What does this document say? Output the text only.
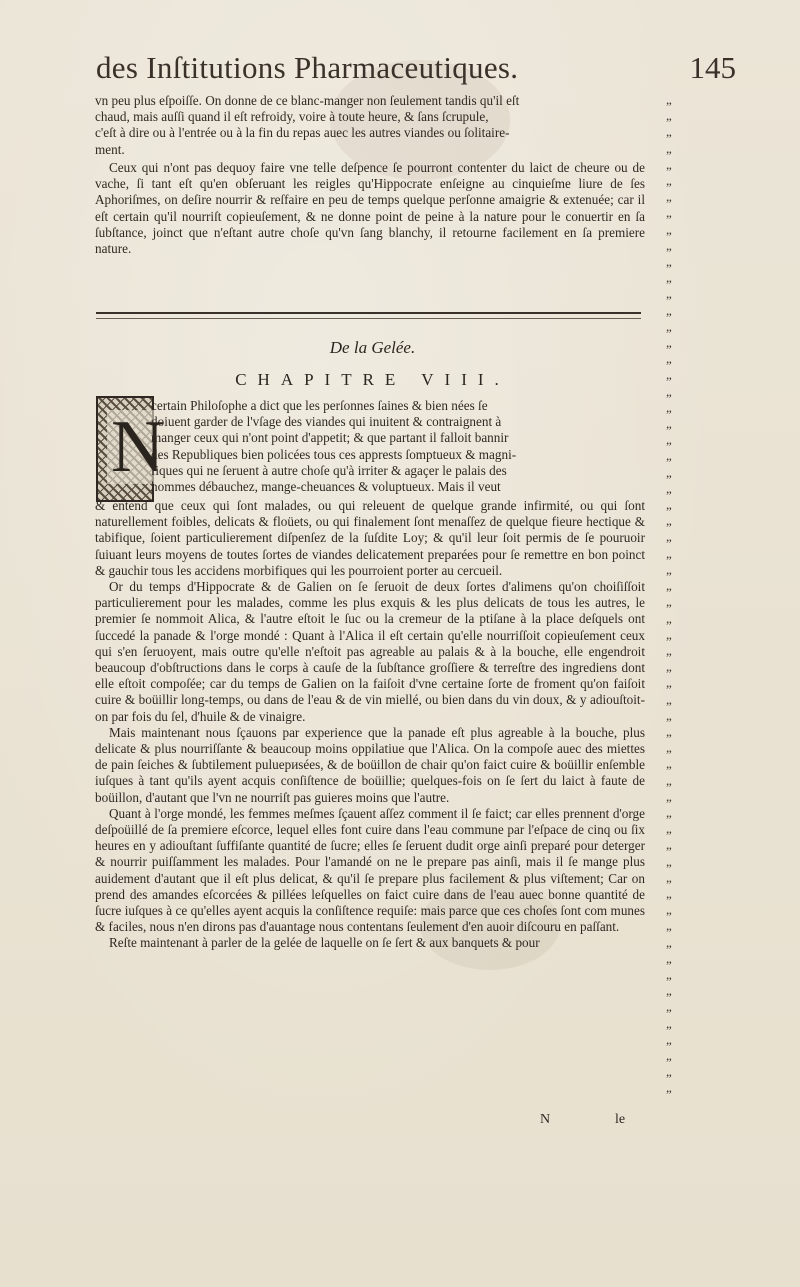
des Inſtitutions Pharmaceutiques.	145
vn peu plus eſpoiſſe. On donne de ce blanc-manger non ſeulement tandis qu'il eſt
chaud, mais auſſi quand il eſt refroidy, voire à toute heure, & ſans ſcrupule,
c'eſt à dire ou à l'entrée ou à la fin du repas auec les autres viandes ou ſolitaire-
ment.

Ceux qui n'ont pas dequoy faire vne telle deſpence ſe pourront contenter du laict de cheure ou de vache, ſi tant eſt qu'en obſeruant les reigles qu'Hippocrate enſeigne au cinquieſme liure de ſes Aphoriſmes, on deſire nourrir & reſfaire en peu de temps quelque perſonne amaigrie & extenuée; car il eſt certain qu'il nourriſt copieuſement, & ne donne point de peine à la nature pour le conuertir en ſa ſubſtance, joinct que n'eſtant autre choſe qu'vn ſang blanchy, il retourne facilement en ſa premiere nature.

De la Gelée.
CHAPITRE VIII.
N
certain Philoſophe a dict que les perſonnes ſaines & bien nées ſe
doiuent garder de l'vſage des viandes qui inuitent & contraignent à
manger ceux qui n'ont point d'appetit; & que partant il falloit bannir
des Republiques bien policées tous ces apprests ſomptueux & magni-
fiques qui ne ſeruent à autre choſe qu'à irriter & agaçer le palais des
hommes débauchez, mange-cheuances & voluptueux. Mais il veut

& entend que ceux qui ſont malades, ou qui releuent de quelque grande infirmité, ou qui ſont naturellement foibles, delicats & floüets, ou qui finalement ſont menaſſez de quelque fieure hectique & tabifique, ſoient particulierement diſpenſez de la ſuſdite Loy; & qu'il leur ſoit permis de ſe pouruoir ſuiuant leurs moyens de toutes ſortes de viandes delicatement preparées pour ſe remettre en bon poinct & gauchir tous les accidens morbifiques qui les pourroient porter au cercueil.

Or du temps d'Hippocrate & de Galien on ſe ſeruoit de deux ſortes d'alimens qu'on choiſiſſoit particulierement pour les malades, comme les plus exquis & les plus delicats de tous les autres, le premier ſe nommoit Alica, & l'autre eſtoit le ſuc ou la cremeur de la ptiſane à la place deſquels ont ſuccedé la panade & l'orge mondé : Quant à l'Alica il eſt certain qu'elle nourriſſoit copieuſement ceux qui s'en ſeruoyent, mais outre qu'elle n'eſtoit pas agreable au palais & à la bouche, elle engendroit beaucoup d'obſtructions dans le corps à cauſe de la ſubſtance groſſiere & terreſtre des ingrediens dont elle eſtoit compoſée; car du temps de Galien on la faiſoit d'vne certaine ſorte de froment qu'on faiſoit cuire & boüillir long-temps, ou dans de l'eau & de vin miellé, ou bien dans du vin doux, & y adiouſtoit-on par fois du ſel, d'huile & de vinaigre.

Mais maintenant nous ſçauons par experience que la panade eſt plus agreable à la bouche, plus delicate & plus nourriſſante & beaucoup moins oppilatiue que l'Alica. On la compoſe auec des miettes de pain ſeiches & ſubtilement puluериsées, & de boüillon de chair qu'on faict cuire & boüillir enſemble iuſques à tant qu'ils ayent acquis conſiſtence de boüillie; quelques-fois on ſe ſert du laict à faute de boüillon, d'autant que l'vn ne nourriſt pas guieres moins que l'autre.

Quant à l'orge mondé, les femmes meſmes ſçauent aſſez comment il ſe faict; car elles prennent d'orge deſpoüillé de ſa premiere eſcorce, lequel elles font cuire dans l'eau commune par l'eſpace de cinq ou ſix heures en y adiouſtant ſuffiſante quantité de ſucre; elles ſe ſeruent dudit orge ainſi preparé pour deterger & nourrir puiſſamment les malades. Pour l'amandé on ne le prepare pas ainſi, mais il ſe mange plus auidement d'autant que il eſt plus delicat, & qu'il ſe prepare plus facilement & plus viſtement; Car on prend des amandes eſcorcées & pillées leſquelles on faict cuire dans de l'eau auec bonne quantité de ſucre iuſques à ce qu'elles ayent acquis la conſiſtence requiſe: mais parce que ces choſes ſont com munes & faciles, nous n'en dirons pas d'auantage nous contentans ſeulement d'en auoir diſcouru en paſſant.

Reſte maintenant à parler de la gelée de laquelle on ſe ſert & aux banquets & pour

„
„
„
„
„
„
„
„
„
„
„
„
„
„
„
„
„
„
„
„
„
„
„
„
„
„
„
„
„
„
„
„
„
„
„
„
„
„
„
„
„
„
„
„
„
„
„
„
„
„
„
„
„
„
„
„
„
„
„
„
„
„
N	le
